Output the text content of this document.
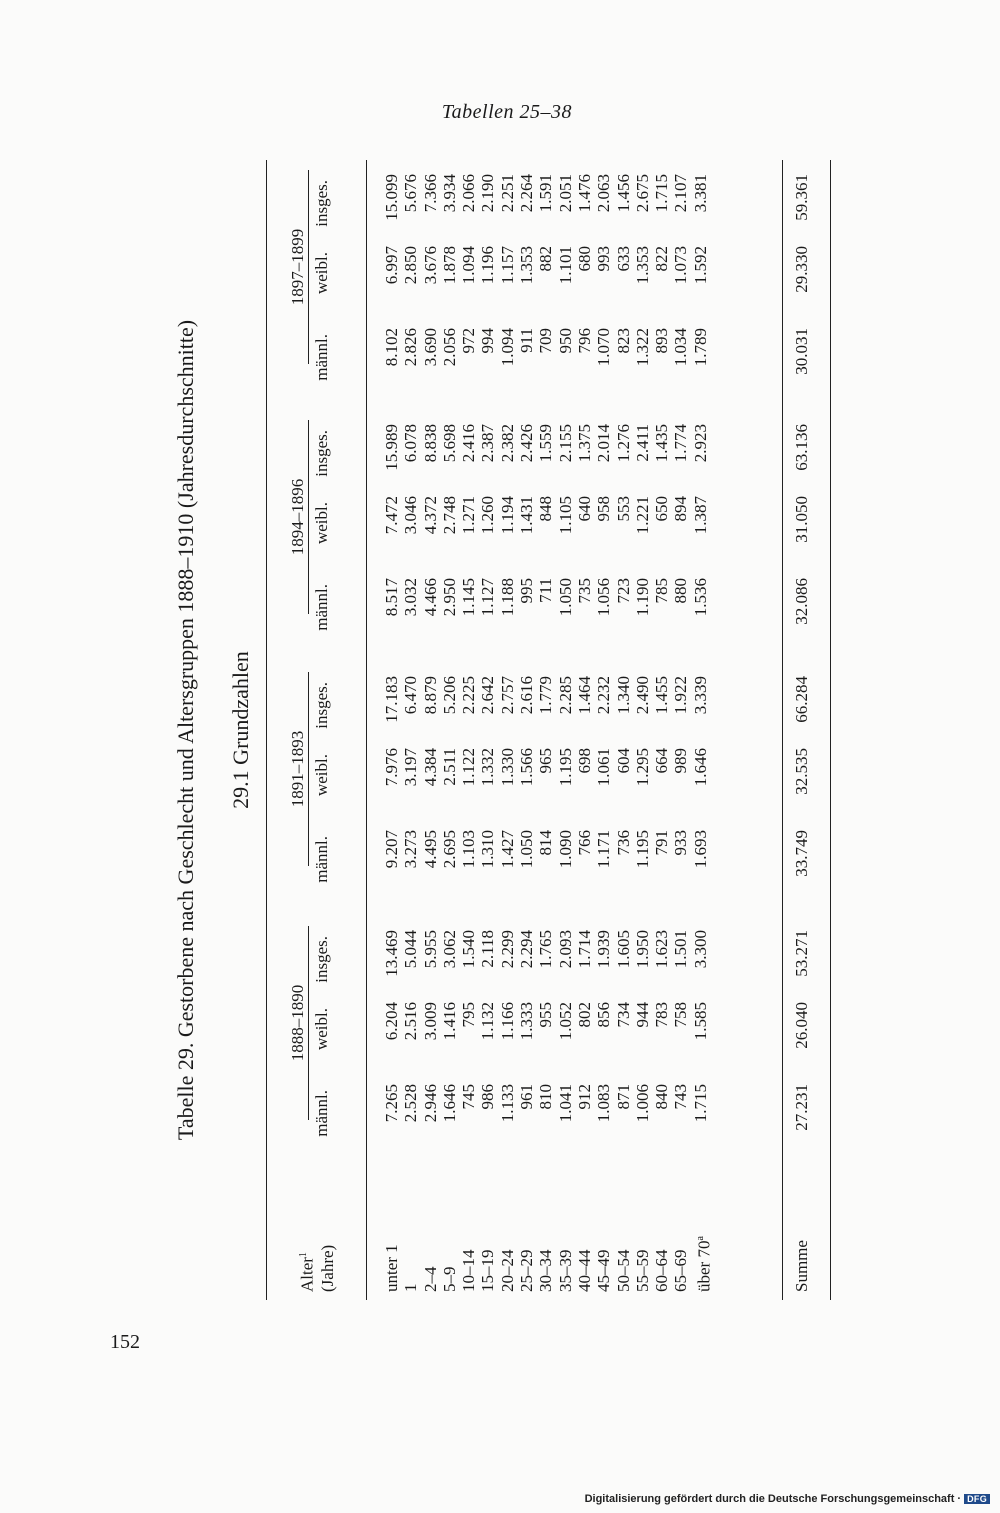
Tabellen 25–38
Tabelle 29. Gestorbene nach Geschlecht und Altersgruppen 1888–1910 (Jahresdurchschnitte) 29.1 Grundzahlen
Alter$^1$ (Jahre)
1888–1890
1891–1893
1894–1896
1897–1899
männl.
weibl.
insges.
männl.
weibl.
insges.
männl.
weibl.
insges.
männl.
weibl.
insges.
unter 1 1 2–4 5–9 10–14 15–19 20–24 25–29 30–34 35–39 40–44 45–49 50–54 55–59 60–64 65–69 über 70$^a$
7.265 2.528 2.946 1.646 745 986 1.133 961 810 1.041 912 1.083 871 1.006 840 743 1.715
6.204 2.516 3.009 1.416 795 1.132 1.166 1.333 955 1.052 802 856 734 944 783 758 1.585
13.469 5.044 5.955 3.062 1.540 2.118 2.299 2.294 1.765 2.093 1.714 1.939 1.605 1.950 1.623 1.501 3.300
9.207 3.273 4.495 2.695 1.103 1.310 1.427 1.050 814 1.090 766 1.171 736 1.195 791 933 1.693
7.976 3.197 4.384 2.511 1.122 1.332 1.330 1.566 965 1.195 698 1.061 604 1.295 664 989 1.646
17.183 6.470 8.879 5.206 2.225 2.642 2.757 2.616 1.779 2.285 1.464 2.232 1.340 2.490 1.455 1.922 3.339
8.517 3.032 4.466 2.950 1.145 1.127 1.188 995 711 1.050 735 1.056 723 1.190 785 880 1.536
7.472 3.046 4.372 2.748 1.271 1.260 1.194 1.431 848 1.105 640 958 553 1.221 650 894 1.387
15.989 6.078 8.838 5.698 2.416 2.387 2.382 2.426 1.559 2.155 1.375 2.014 1.276 2.411 1.435 1.774 2.923
8.102 2.826 3.690 2.056 972 994 1.094 911 709 950 796 1.070 823 1.322 893 1.034 1.789
6.997 2.850 3.676 1.878 1.094 1.196 1.157 1.353 882 1.101 680 993 633 1.353 822 1.073 1.592
15.099 5.676 7.366 3.934 2.066 2.190 2.251 2.264 1.591 2.051 1.476 2.063 1.456 2.675 1.715 2.107 3.381
Summe
27.231
26.040
53.271
33.749
32.535
66.284
32.086
31.050
63.136
30.031
29.330
59.361
152
Digitalisierung gefördert durch die Deutsche Forschungsgemeinschaft · DFG
